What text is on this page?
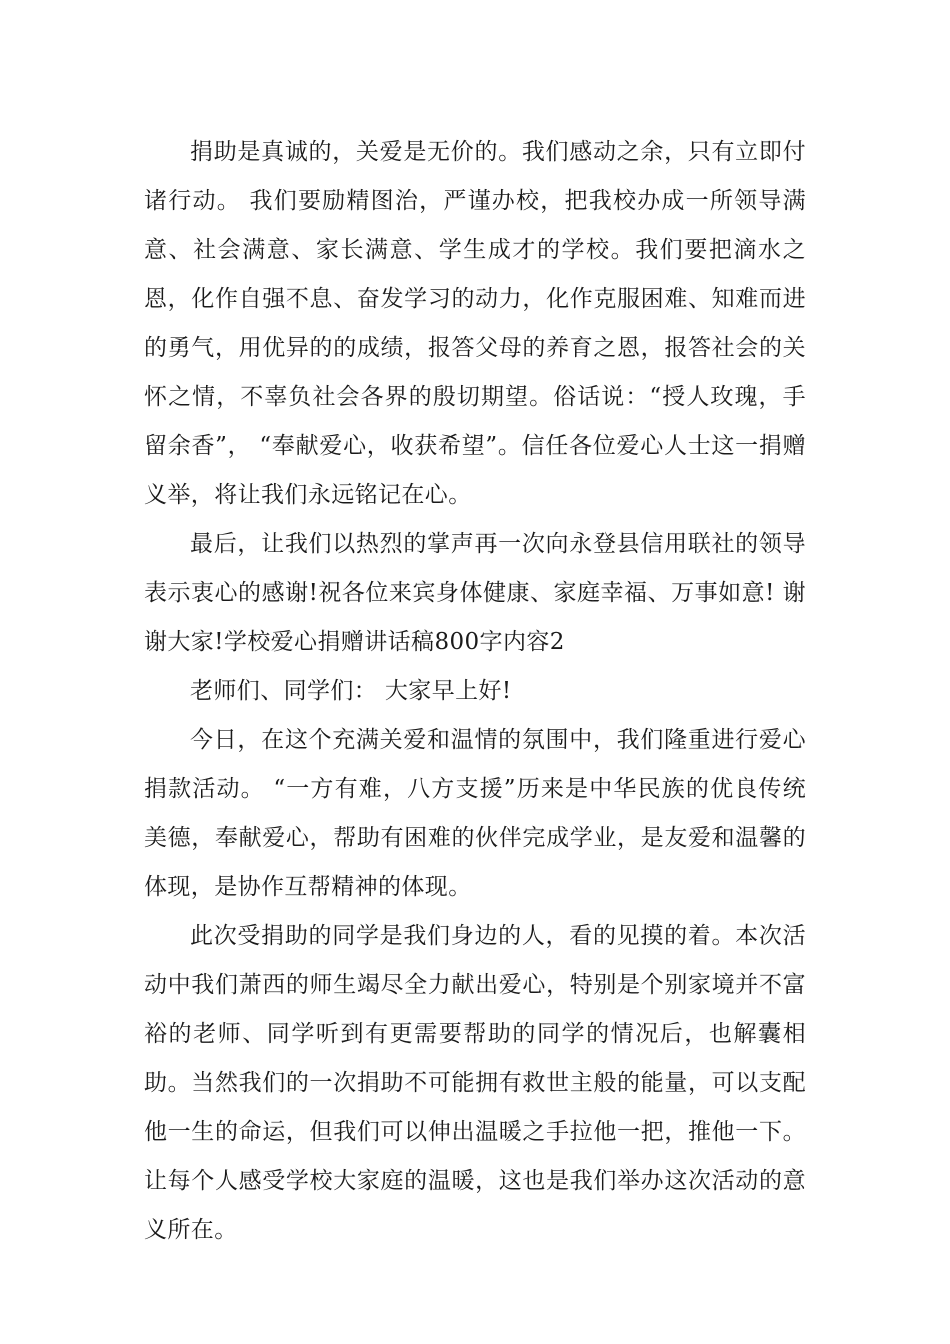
捐助是真诚的，关爱是无价的。我们感动之余，只有立即付诸行动。 我们要励精图治，严谨办校，把我校办成一所领导满意、社会满意、家长满意、学生成才的学校。我们要把滴水之恩，化作自强不息、奋发学习的动力，化作克服困难、知难而进的勇气，用优异的的成绩，报答父母的养育之恩，报答社会的关怀之情，不辜负社会各界的殷切期望。俗话说：“授人玫瑰，手留余香”， “奉献爱心，收获希望”。信任各位爱心人士这一捐赠义举，将让我们永远铭记在心。

最后，让我们以热烈的掌声再一次向永登县信用联社的领导表示衷心的感谢!祝各位来宾身体健康、家庭幸福、万事如意! 谢谢大家!学校爱心捐赠讲话稿800字内容2

老师们、同学们： 大家早上好!

今日，在这个充满关爱和温情的氛围中，我们隆重进行爱心捐款活动。 “一方有难，八方支援”历来是中华民族的优良传统美德，奉献爱心，帮助有困难的伙伴完成学业，是友爱和温馨的体现，是协作互帮精神的体现。

此次受捐助的同学是我们身边的人，看的见摸的着。本次活动中我们萧西的师生竭尽全力献出爱心，特别是个别家境并不富裕的老师、同学听到有更需要帮助的同学的情况后，也解囊相助。当然我们的一次捐助不可能拥有救世主般的能量，可以支配他一生的命运，但我们可以伸出温暖之手拉他一把，推他一下。让每个人感受学校大家庭的温暖，这也是我们举办这次活动的意义所在。
